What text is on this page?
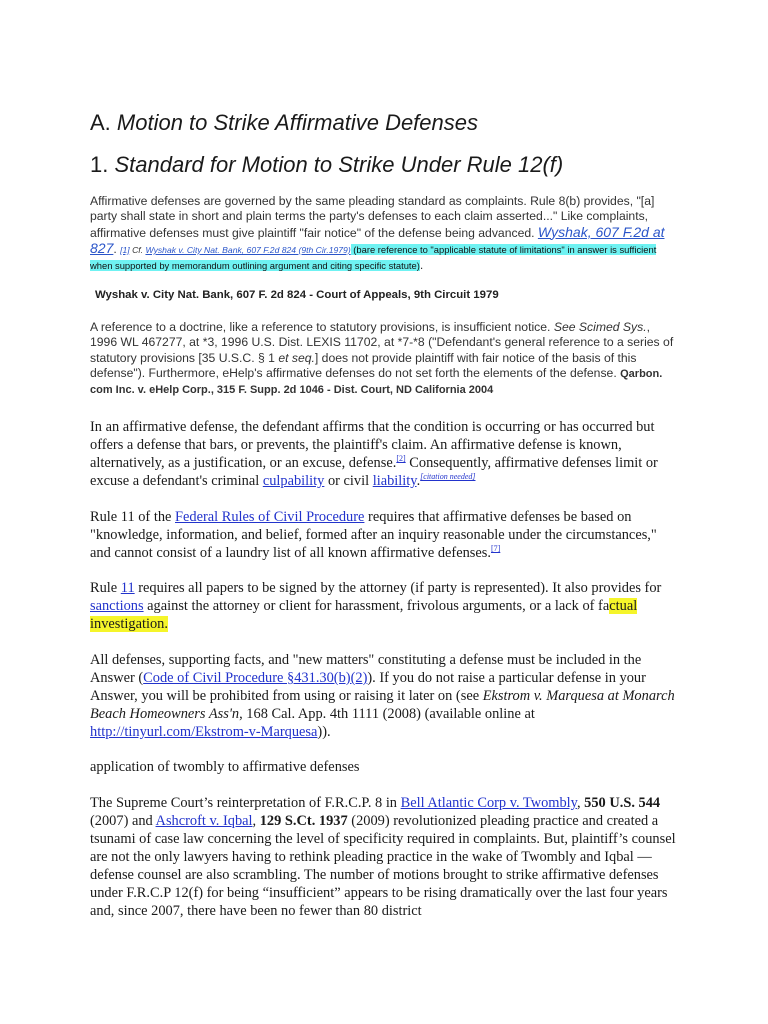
A. Motion to Strike Affirmative Defenses
1. Standard for Motion to Strike Under Rule 12(f)
Affirmative defenses are governed by the same pleading standard as complaints. Rule 8(b) provides, "[a] party shall state in short and plain terms the party's defenses to each claim asserted..." Like complaints, affirmative defenses must give plaintiff "fair notice" of the defense being advanced. Wyshak, 607 F.2d at 827. [1] Cf. Wyshak v. City Nat. Bank, 607 F.2d 824 (9th Cir.1979) (bare reference to "applicable statute of limitations" in answer is sufficient when supported by memorandum outlining argument and citing specific statute).
Wyshak v. City Nat. Bank, 607 F. 2d 824 - Court of Appeals, 9th Circuit 1979
A reference to a doctrine, like a reference to statutory provisions, is insufficient notice. See Scimed Sys., 1996 WL 467277, at *3, 1996 U.S. Dist. LEXIS 11702, at *7-*8 ("Defendant's general reference to a series of statutory provisions [35 U.S.C. § 1 et seq.] does not provide plaintiff with fair notice of the basis of this defense"). Furthermore, eHelp's affirmative defenses do not set forth the elements of the defense. Qarbon. com Inc. v. eHelp Corp., 315 F. Supp. 2d 1046 - Dist. Court, ND California 2004
In an affirmative defense, the defendant affirms that the condition is occurring or has occurred but offers a defense that bars, or prevents, the plaintiff's claim. An affirmative defense is known, alternatively, as a justification, or an excuse, defense.[2] Consequently, affirmative defenses limit or excuse a defendant's criminal culpability or civil liability.[citation needed]
Rule 11 of the Federal Rules of Civil Procedure requires that affirmative defenses be based on "knowledge, information, and belief, formed after an inquiry reasonable under the circumstances," and cannot consist of a laundry list of all known affirmative defenses.[7]
Rule 11 requires all papers to be signed by the attorney (if party is represented). It also provides for sanctions against the attorney or client for harassment, frivolous arguments, or a lack of factual investigation.
All defenses, supporting facts, and "new matters" constituting a defense must be included in the Answer (Code of Civil Procedure §431.30(b)(2)). If you do not raise a particular defense in your Answer, you will be prohibited from using or raising it later on (see Ekstrom v. Marquesa at Monarch Beach Homeowners Ass'n, 168 Cal. App. 4th 1111 (2008) (available online at http://tinyurl.com/Ekstrom-v-Marquesa)).
application of twombly to affirmative defenses
The Supreme Court’s reinterpretation of F.R.C.P. 8 in Bell Atlantic Corp v. Twombly, 550 U.S. 544 (2007) and Ashcroft v. Iqbal, 129 S.Ct. 1937 (2009) revolutionized pleading practice and created a tsunami of case law concerning the level of specificity required in complaints. But, plaintiff’s counsel are not the only lawyers having to rethink pleading practice in the wake of Twombly and Iqbal — defense counsel are also scrambling. The number of motions brought to strike affirmative defenses under F.R.C.P 12(f) for being “insufficient” appears to be rising dramatically over the last four years and, since 2007, there have been no fewer than 80 district
